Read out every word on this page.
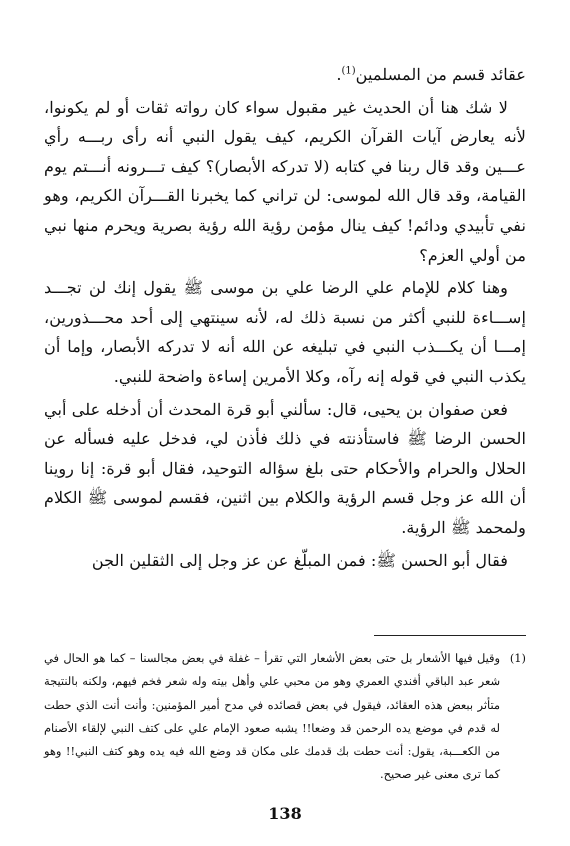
عقائد قسم من المسلمين$^{(1)}$.

لا شك هنا أن الحديث غير مقبول سواء كان رواته ثقات أو لم يكونوا، لأنه يعارض آيات القرآن الكريم، كيف يقول النبي أنه رأى ربـــه رأي عـــين وقد قال ربنا في كتابه (لا تدركه الأبصار)؟ كيف تـــرونه أنـــتم يوم القيامة، وقد قال الله لموسى: لن تراني كما يخبرنا القـــرآن الكريم، وهو نفي تأبيدي ودائم! كيف ينال مؤمن رؤية الله رؤية بصرية ويحرم منها نبي من أولي العزم؟

وهنا كلام للإمام علي الرضا علي بن موسى ﷺ يقول إنك لن تجـــد إســـاءة للنبي أكثر من نسبة ذلك له، لأنه سينتهي إلى أحد محـــذورين، إمـــا أن يكـــذب النبي في تبليغه عن الله أنه لا تدركه الأبصار، وإما أن يكذب النبي في قوله إنه رآه، وكلا الأمرين إساءة واضحة للنبي.

فعن صفوان بن يحيى، قال: سألني أبو قرة المحدث أن أدخله على أبي الحسن الرضا ﷺ فاستأذنته في ذلك فأذن لي، فدخل عليه فسأله عن الحلال والحرام والأحكام حتى بلغ سؤاله التوحيد، فقال أبو قرة: إنا روينا أن الله عز وجل قسم الرؤية والكلام بين اثنين، فقسم لموسى ﷺ الكلام ولمحمد ﷺ الرؤية.

فقال أبو الحسن ﷺ: فمن المبلّغ عن عز وجل إلى الثقلين الجن

(1)
وقيل فيها الأشعار بل حتى بعض الأشعار التي تقرأ – غفلة في بعض مجالسنا – كما هو الحال في شعر عبد الباقي أفندي العمري وهو من محبي علي وأهل بيته وله شعر فخم فيهم، ولكنه بالنتيجة متأثر ببعض هذه العقائد، فيقول في بعض قصائده في مدح أمير المؤمنين: وأنت أنت الذي حطت له قدم في موضع يده الرحمن قد وضعا!! يشبه صعود الإمام علي على كتف النبي لإلقاء الأصنام من الكعـــبة، يقول: أنت حطت بك قدمك على مكان قد وضع الله فيه يده وهو كتف النبي!! وهو كما ترى معنى غير صحيح.
138
